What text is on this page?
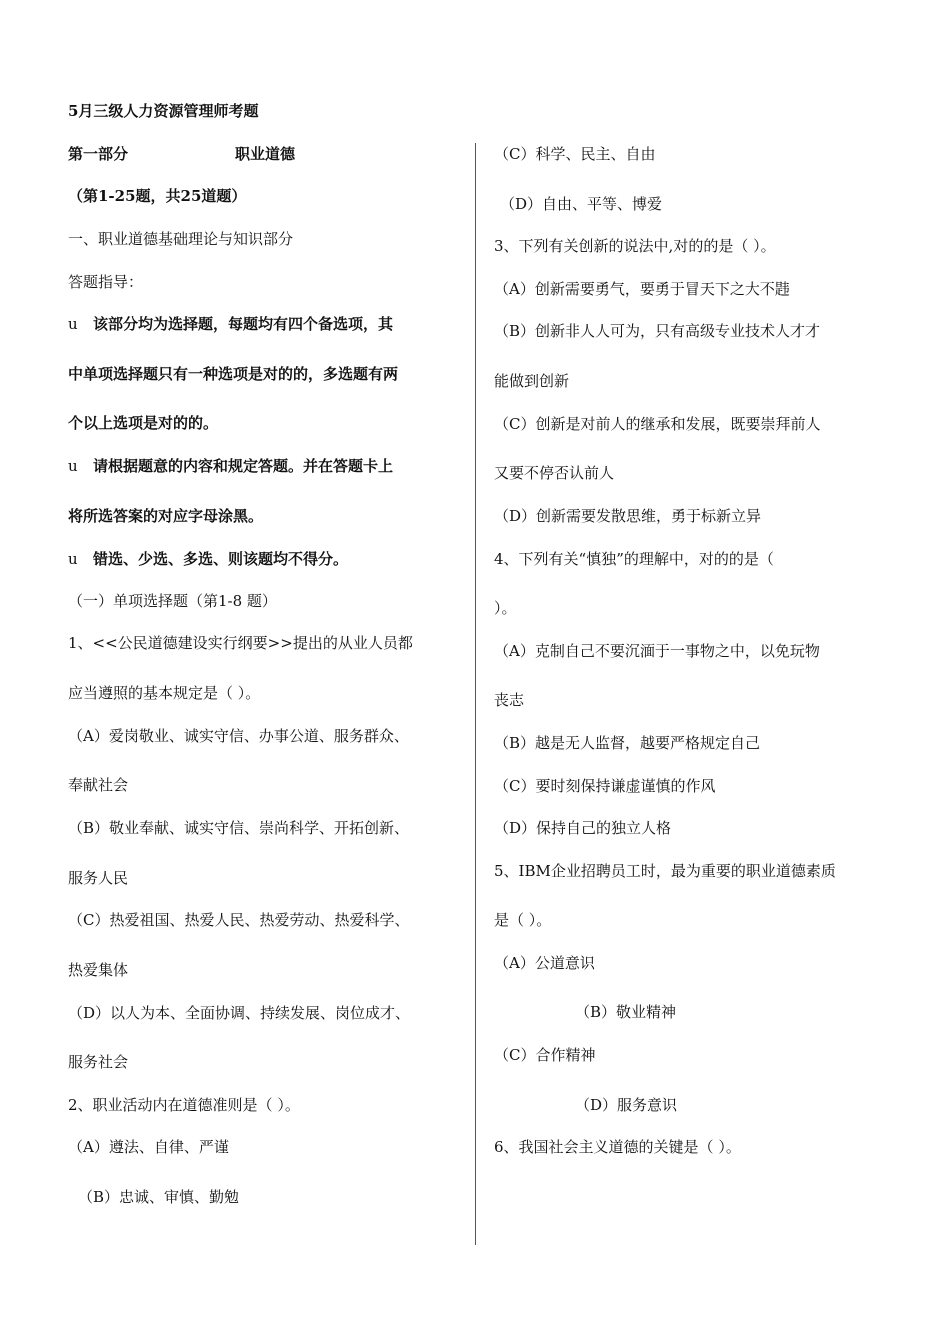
5月三级人力资源管理师考题
第一部分	职业道德
（第1-25题，共25道题）
一、职业道德基础理论与知识部分
答题指导：
u 该部分均为选择题，每题均有四个备选项，其
中单项选择题只有一种选项是对的的，多选题有两
个以上选项是对的的。
u 请根据题意的内容和规定答题。并在答题卡上
将所选答案的对应字母涂黑。
u 错选、少选、多选、则该题均不得分。
（一）单项选择题（第1-8 题）
1、<<公民道德建设实行纲要>>提出的从业人员都
应当遵照的基本规定是（ ）。
（A）爱岗敬业、诚实守信、办事公道、服务群众、
奉献社会
（B）敬业奉献、诚实守信、崇尚科学、开拓创新、
服务人民
（C）热爱祖国、热爱人民、热爱劳动、热爱科学、
热爱集体
（D）以人为本、全面协调、持续发展、岗位成才、
服务社会
2、职业活动内在道德准则是（ ）。
（A）遵法、自律、严谨
（B）忠诚、审慎、勤勉
（C）科学、民主、自由
（D）自由、平等、博爱
3、下列有关创新的说法中,对的的是（ ）。
（A）创新需要勇气，要勇于冒天下之大不韪
（B）创新非人人可为，只有高级专业技术人才才
能做到创新
（C）创新是对前人的继承和发展，既要崇拜前人
又要不停否认前人
（D）创新需要发散思维，勇于标新立异
4、下列有关“慎独”的理解中，对的的是（
）。
（A）克制自己不要沉湎于一事物之中，以免玩物
丧志
（B）越是无人监督，越要严格规定自己
（C）要时刻保持谦虚谨慎的作风
（D）保持自己的独立人格
5、IBM企业招聘员工时，最为重要的职业道德素质
是（ ）。
（A）公道意识
（B）敬业精神
（C）合作精神
（D）服务意识
6、我国社会主义道德的关键是（ ）。
